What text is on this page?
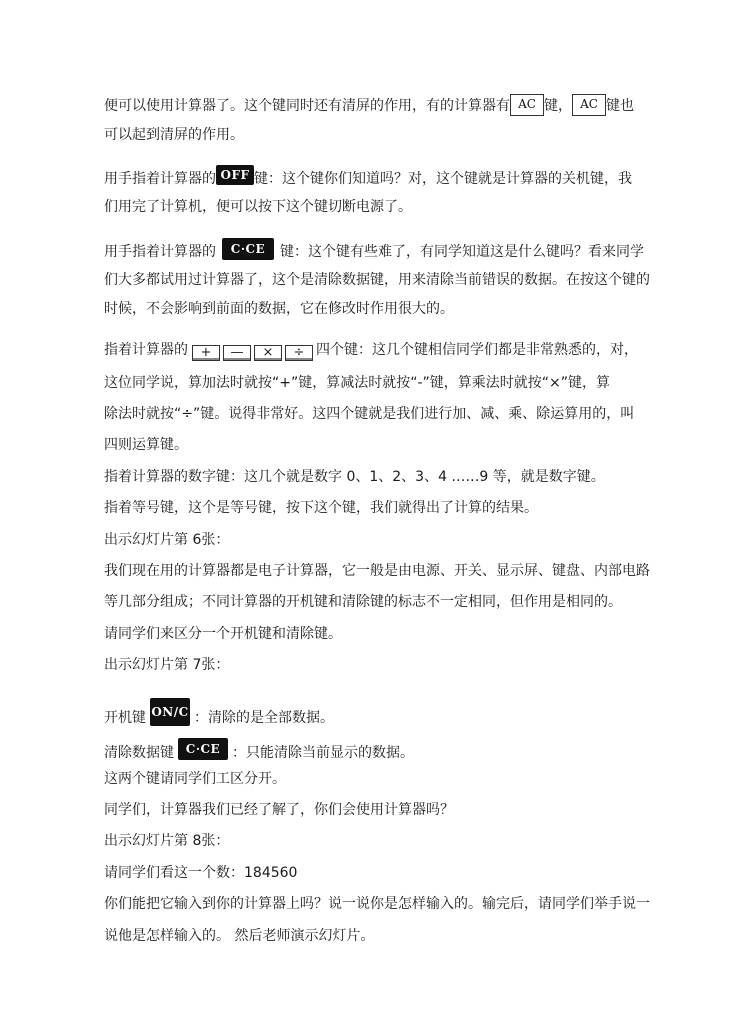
便可以使用计算器了。这个键同时还有清屏的作用，有的计算器有 AC 键， AC 键也
可以起到清屏的作用。
用手指着计算器的 OFF 键：这个键你们知道吗？对，这个键就是计算器的关机键，我
们用完了计算机，便可以按下这个键切断电源了。
用手指着计算器的 C·CE 键：这个键有些难了，有同学知道这是什么键吗？看来同学
们大多都试用过计算器了，这个是清除数据键，用来清除当前错误的数据。在按这个键的
时候，不会影响到前面的数据，它在修改时作用很大的。
指着计算器的 + — × ÷ 四个键：这几个键相信同学们都是非常熟悉的，对，
这位同学说，算加法时就按“+”键，算减法时就按“-”键，算乘法时就按“×”键，算
除法时就按“÷”键。说得非常好。这四个键就是我们进行加、减、乘、除运算用的，叫
四则运算键。
指着计算器的数字键：这几个就是数字 0、1、2、3、4 ……9 等，就是数字键。
指着等号键，这个是等号键，按下这个键，我们就得出了计算的结果。
出示幻灯片第 6张：
我们现在用的计算器都是电子计算器，它一般是由电源、开关、显示屏、键盘、内部电路
等几部分组成；不同计算器的开机键和清除键的标志不一定相同，但作用是相同的。
请同学们来区分一个开机键和清除键。
出示幻灯片第 7张：
开机键 ON/C ：清除的是全部数据。
清除数据键 C·CE ：只能清除当前显示的数据。
这两个键请同学们工区分开。
同学们，计算器我们已经了解了，你们会使用计算器吗？
出示幻灯片第 8张：
请同学们看这一个数：184560
你们能把它输入到你的计算器上吗？说一说你是怎样输入的。输完后，请同学们举手说一
说他是怎样输入的。 然后老师演示幻灯片。
